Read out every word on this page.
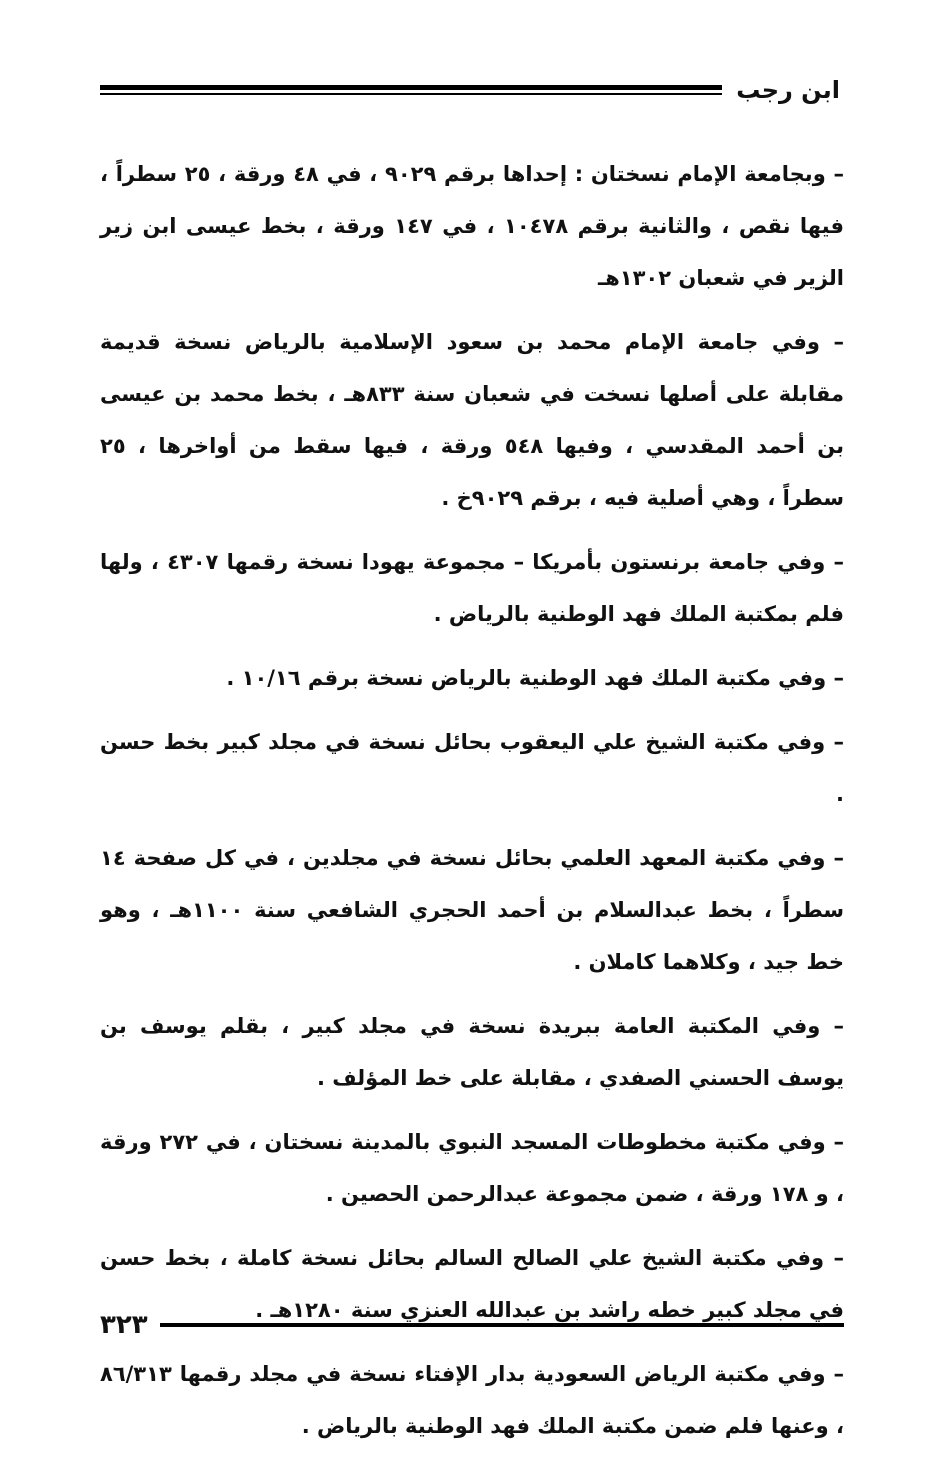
ابن رجب

– وبجامعة الإمام نسختان : إحداها برقم ٩٠٢٩ ، في ٤٨ ورقة ، ٢٥ سطراً ، فيها نقص ، والثانية برقم ١٠٤٧٨ ، في ١٤٧ ورقة ، بخط عيسى ابن زير الزير في شعبان ١٣٠٢هـ

– وفي جامعة الإمام محمد بن سعود الإسلامية بالرياض نسخة قديمة مقابلة على أصلها نسخت في شعبان سنة ٨٣٣هـ ، بخط محمد بن عيسى بن أحمد المقدسي ، وفيها ٥٤٨ ورقة ، فيها سقط من أواخرها ، ٢٥ سطراً ، وهي أصلية فيه ، برقم ٩٠٢٩خ .

– وفي جامعة برنستون بأمريكا – مجموعة يهودا نسخة رقمها ٤٣٠٧ ، ولها فلم بمكتبة الملك فهد الوطنية بالرياض .

– وفي مكتبة الملك فهد الوطنية بالرياض نسخة برقم ١٠/١٦ .

– وفي مكتبة الشيخ علي اليعقوب بحائل نسخة في مجلد كبير بخط حسن .

– وفي مكتبة المعهد العلمي بحائل نسخة في مجلدين ، في كل صفحة ١٤ سطراً ، بخط عبدالسلام بن أحمد الحجري الشافعي سنة ١١٠٠هـ ، وهو خط جيد ، وكلاهما كاملان .

– وفي المكتبة العامة ببريدة نسخة في مجلد كبير ، بقلم يوسف بن يوسف الحسني الصفدي ، مقابلة على خط المؤلف .

– وفي مكتبة مخطوطات المسجد النبوي بالمدينة نسختان ، في ٢٧٢ ورقة ، و ١٧٨ ورقة ، ضمن مجموعة عبدالرحمن الحصين .

– وفي مكتبة الشيخ علي الصالح السالم بحائل نسخة كاملة ، بخط حسن في مجلد كبير خطه راشد بن عبدالله العنزي سنة ١٢٨٠هـ .

– وفي مكتبة الرياض السعودية بدار الإفتاء نسخة في مجلد رقمها ٨٦/٣١٣ ، وعنها فلم ضمن مكتبة الملك فهد الوطنية بالرياض .

٣٢٣
